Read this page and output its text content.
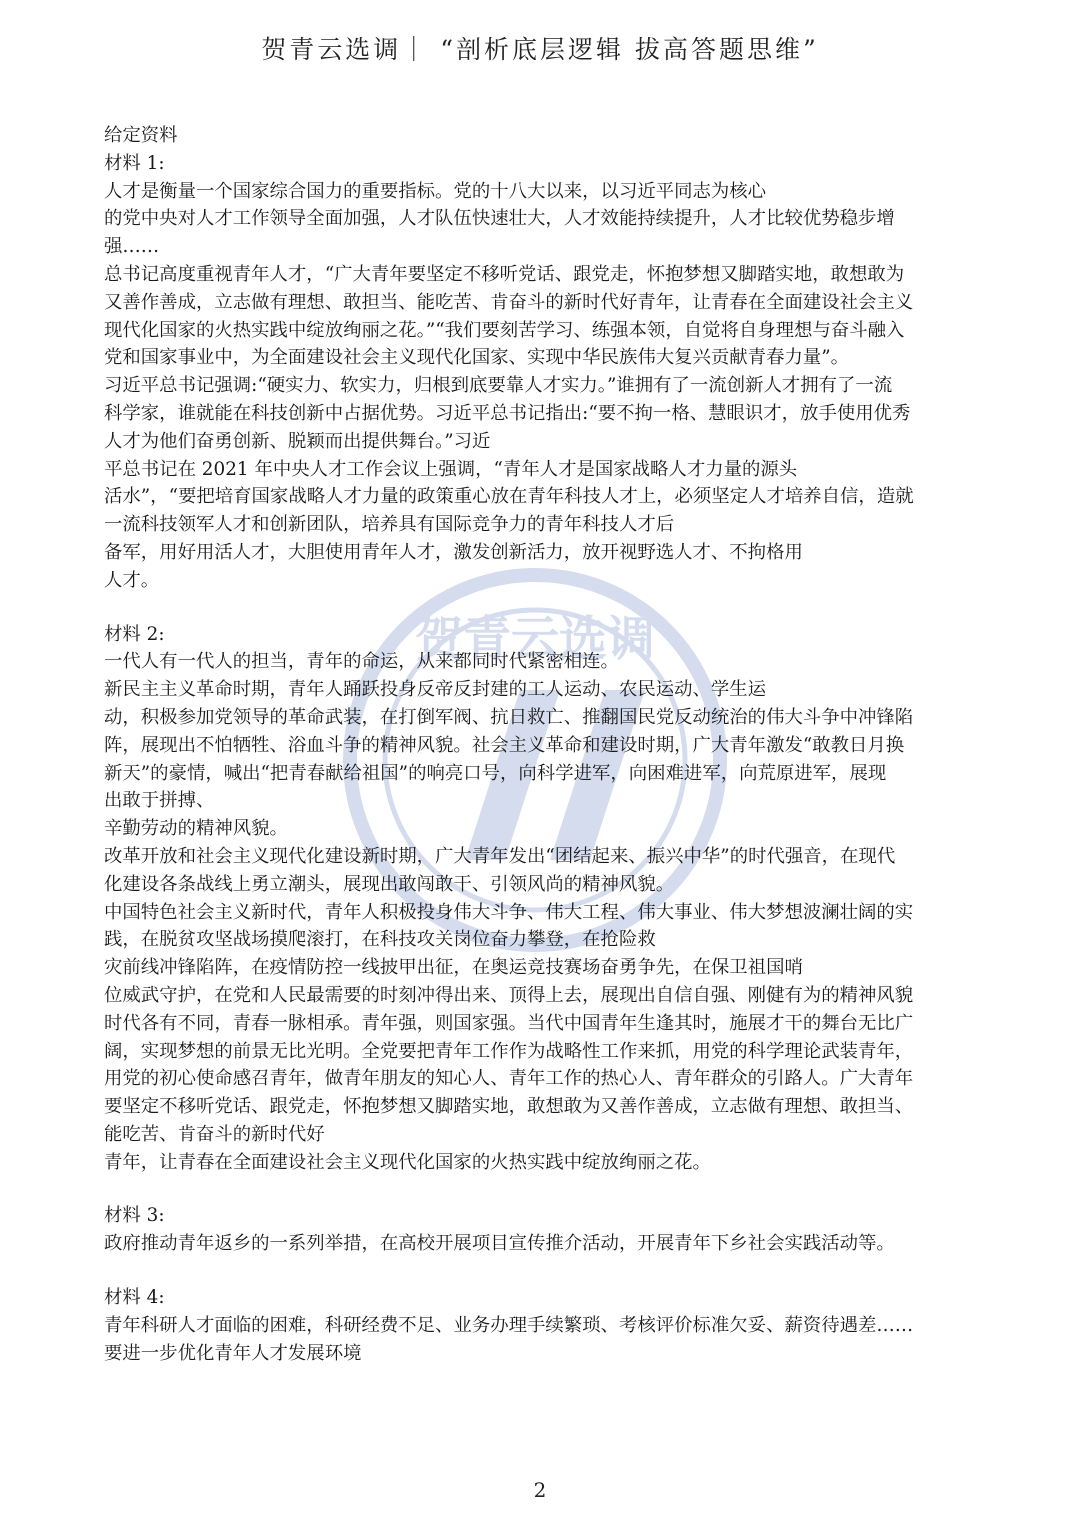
贺青云选调｜ “剖析底层逻辑 拔高答题思维”
贺青云选调
给定资料
材料 1:
人才是衡量一个国家综合国力的重要指标。党的十八大以来，以习近平同志为核心
的党中央对人才工作领导全面加强，人才队伍快速壮大，人才效能持续提升，人才比较优势稳步增
强……
总书记高度重视青年人才，“广大青年要坚定不移听党话、跟党走，怀抱梦想又脚踏实地，敢想敢为
又善作善成，立志做有理想、敢担当、能吃苦、肯奋斗的新时代好青年，让青春在全面建设社会主义
现代化国家的火热实践中绽放绚丽之花。”“我们要刻苦学习、练强本领，自觉将自身理想与奋斗融入
党和国家事业中，为全面建设社会主义现代化国家、实现中华民族伟大复兴贡献青春力量”。
习近平总书记强调:“硬实力、软实力，归根到底要靠人才实力。”谁拥有了一流创新人才拥有了一流
科学家，谁就能在科技创新中占据优势。习近平总书记指出:“要不拘一格、慧眼识才，放手使用优秀
人才为他们奋勇创新、脱颖而出提供舞台。”习近
平总书记在 2021 年中央人才工作会议上强调，“青年人才是国家战略人才力量的源头
活水”，“要把培育国家战略人才力量的政策重心放在青年科技人才上，必须坚定人才培养自信，造就
一流科技领军人才和创新团队，培养具有国际竞争力的青年科技人才后
备军，用好用活人才，大胆使用青年人才，激发创新活力，放开视野选人才、不拘格用
人才。
材料 2:
一代人有一代人的担当，青年的命运，从来都同时代紧密相连。
新民主主义革命时期，青年人踊跃投身反帝反封建的工人运动、农民运动、学生运
动，积极参加党领导的革命武装，在打倒军阀、抗日救亡、推翻国民党反动统治的伟大斗争中冲锋陷
阵，展现出不怕牺牲、浴血斗争的精神风貌。社会主义革命和建设时期，广大青年激发“敢教日月换
新天”的豪情，喊出“把青春献给祖国”的响亮口号，向科学进军，向困难进军，向荒原进军，展现
出敢于拼搏、
辛勤劳动的精神风貌。
改革开放和社会主义现代化建设新时期，广大青年发出“团结起来、振兴中华”的时代强音，在现代
化建设各条战线上勇立潮头，展现出敢闯敢干、引领风尚的精神风貌。
中国特色社会主义新时代，青年人积极投身伟大斗争、伟大工程、伟大事业、伟大梦想波澜壮阔的实
践，在脱贫攻坚战场摸爬滚打，在科技攻关岗位奋力攀登，在抢险救
灾前线冲锋陷阵，在疫情防控一线披甲出征，在奥运竞技赛场奋勇争先，在保卫祖国哨
位威武守护，在党和人民最需要的时刻冲得出来、顶得上去，展现出自信自强、刚健有为的精神风貌
时代各有不同，青春一脉相承。青年强，则国家强。当代中国青年生逢其时，施展才干的舞台无比广
阔，实现梦想的前景无比光明。全党要把青年工作作为战略性工作来抓，用党的科学理论武装青年，
用党的初心使命感召青年，做青年朋友的知心人、青年工作的热心人、青年群众的引路人。广大青年
要坚定不移听党话、跟党走，怀抱梦想又脚踏实地，敢想敢为又善作善成，立志做有理想、敢担当、
能吃苦、肯奋斗的新时代好
青年，让青春在全面建设社会主义现代化国家的火热实践中绽放绚丽之花。
材料 3:
政府推动青年返乡的一系列举措，在高校开展项目宣传推介活动，开展青年下乡社会实践活动等。
材料 4:
青年科研人才面临的困难，科研经费不足、业务办理手续繁琐、考核评价标准欠妥、薪资待遇差……
要进一步优化青年人才发展环境
2
